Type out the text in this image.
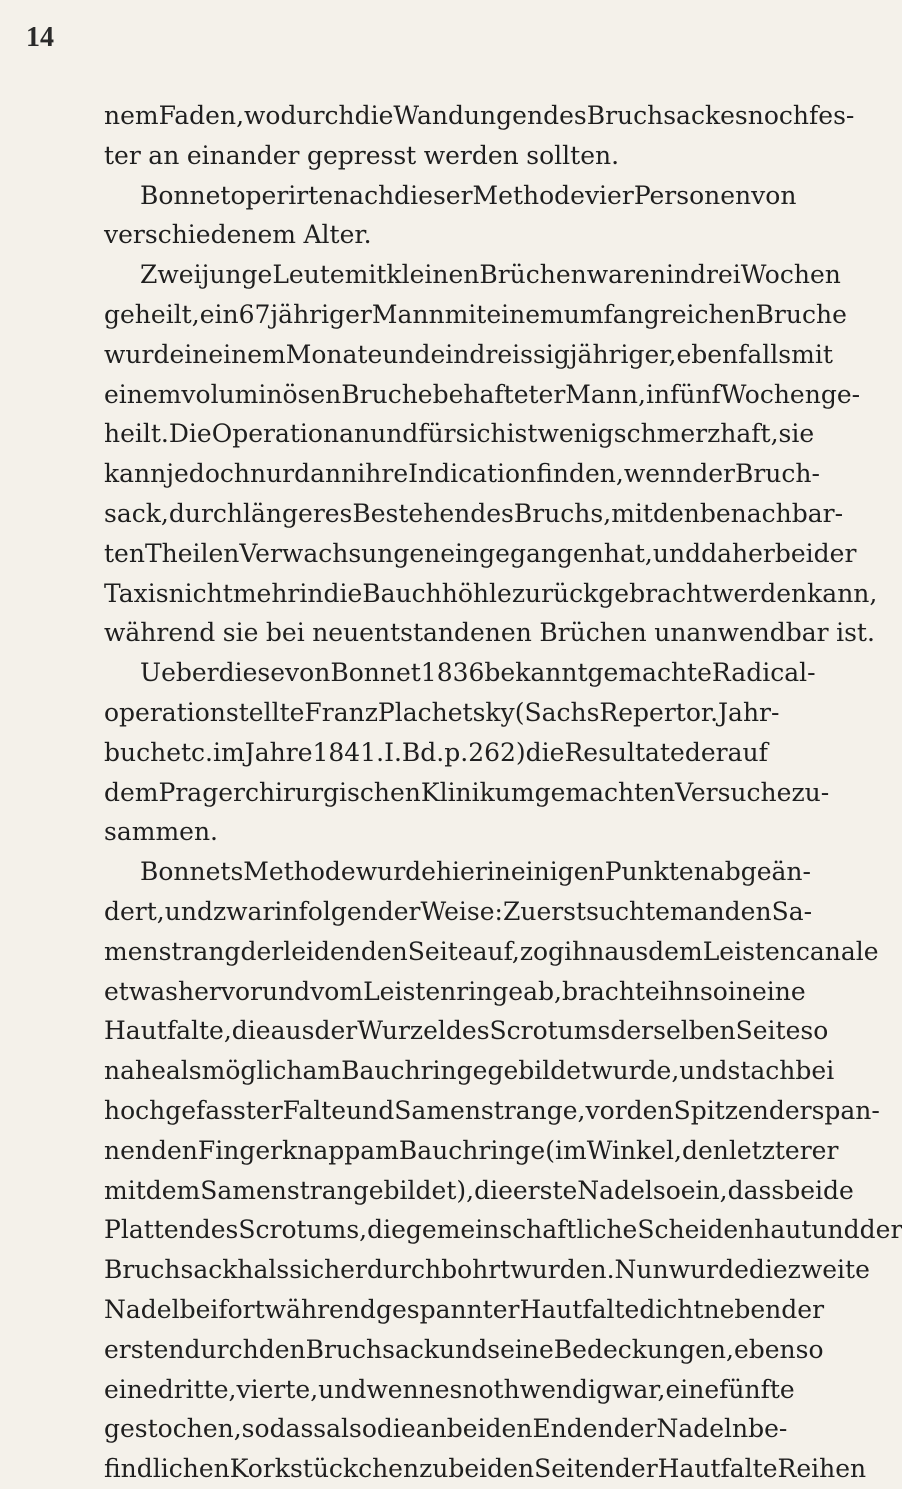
14
nem Faden, wodurch die Wandungen des Bruchsackes noch fes-
ter an einander gepresst werden sollten.
Bonnet operirte nach dieser Methode vier Personen von
verschiedenem Alter.
Zwei junge Leute mit kleinen Brüchen waren in drei Wochen
geheilt, ein 67 jähriger Mann mit einem umfangreichen Bruche
wurde in einem Monate und ein dreissigjähriger, ebenfalls mit
einem voluminösen Bruche behafteter Mann, in fünf Wochen ge-
heilt. Die Operation an und für sich ist wenig schmerzhaft, sie
kann jedoch nur dann ihre Indication finden, wenn der Bruch-
sack, durch längeres Bestehen des Bruchs, mit den benachbar-
ten Theilen Verwachsungen eingegangen hat, und daher bei der
Taxis nicht mehr in die Bauchhöhle zurückgebracht werden kann,
während sie bei neuentstandenen Brüchen unanwendbar ist.
Ueber diese von Bonnet 1836 bekannt gemachte Radical-
operation stellte Franz Plachetsky (Sachs Repertor. Jahr-
buch etc. im Jahre 1841. I. Bd. p. 262) die Resultate der auf
dem Prager chirurgischen Klinikum gemachten Versuche zu-
sammen.
Bonnets Methode wurde hier in einigen Punkten abgeän-
dert, und zwar in folgender Weise: Zuerst suchte man den Sa-
menstrang der leidenden Seite auf, zog ihn aus dem Leistencanale
etwas hervor und vom Leistenringe ab, brachte ihn so in eine
Hautfalte, die aus der Wurzel des Scrotums derselben Seite so
nahe als möglich am Bauchringe gebildet wurde, und stach bei
hochgefasster Falte und Samenstrange, vor den Spitzen der span-
nenden Finger knapp am Bauchringe (im Winkel, den letzterer
mit dem Samenstrange bildet), die erste Nadel so ein, dass beide
Platten des Scrotums, die gemeinschaftliche Scheidenhaut und der
Bruchsackhals sicher durchbohrt wurden. Nun wurde die zweite
Nadel bei fortwährend gespannter Hautfalte dicht neben der
ersten durch den Bruchsack und seine Bedeckungen, eben so
eine dritte, vierte, und wenn es nothwendig war, eine fünfte
gestochen, so dass also die an beiden Enden der Nadeln be-
findlichen Korkstückchen zu beiden Seiten der Hautfalte Reihen
